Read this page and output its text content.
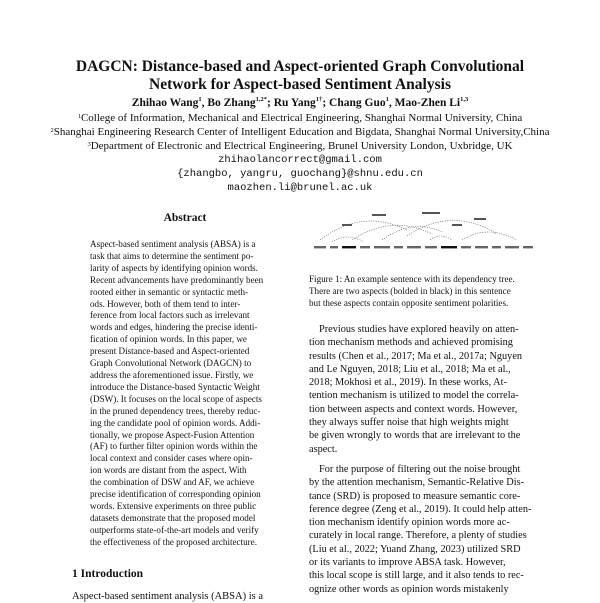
DAGCN: Distance-based and Aspect-oriented Graph Convolutional
Network for Aspect-based Sentiment Analysis
Zhihao Wang$^1$, Bo Zhang$^{1,2*}$; Ru Yang$^{1\dagger}$; Chang Guo$^1$, Mao-Zhen Li$^{1,3}$
$^1$College of Information, Mechanical and Electrical Engineering, Shanghai Normal University, China
$^2$Shanghai Engineering Research Center of Intelligent Education and Bigdata, Shanghai Normal University,China
$^3$Department of Electronic and Electrical Engineering, Brunel University London, Uxbridge, UK
zhihaolancorrect@gmail.com
{zhangbo, yangru, guochang}@shnu.edu.cn
maozhen.li@brunel.ac.uk
Abstract
Aspect-based sentiment analysis (ABSA) is a
task that aims to determine the sentiment po-
larity of aspects by identifying opinion words.
Recent advancements have predominantly been
rooted either in semantic or syntactic meth-
ods. However, both of them tend to inter-
ference from local factors such as irrelevant
words and edges, hindering the precise identi-
fication of opinion words. In this paper, we
present Distance-based and Aspect-oriented
Graph Convolutional Network (DAGCN) to
address the aforementioned issue. Firstly, we
introduce the Distance-based Syntactic Weight
(DSW). It focuses on the local scope of aspects
in the pruned dependency trees, thereby reduc-
ing the candidate pool of opinion words. Addi-
tionally, we propose Aspect-Fusion Attention
(AF) to further filter opinion words within the
local context and consider cases where opin-
ion words are distant from the aspect. With
the combination of DSW and AF, we achieve
precise identification of corresponding opinion
words. Extensive experiments on three public
datasets demonstrate that the proposed model
outperforms state-of-the-art models and verify
the effectiveness of the proposed architecture.
1 Introduction
Aspect-based sentiment analysis (ABSA) is a
Figure 1: An example sentence with its dependency tree.
There are two aspects (bolded in black) in this sentence
but these aspects contain opposite sentiment polarities.
Previous studies have explored heavily on atten-
tion mechanism methods and achieved promising
results (Chen et al., 2017; Ma et al., 2017a; Nguyen
and Le Nguyen, 2018; Liu et al., 2018; Ma et al.,
2018; Mokhosi et al., 2019). In these works, At-
tention mechanism is utilized to model the correla-
tion between aspects and context words. However,
they always suffer noise that high weights might
be given wrongly to words that are irrelevant to the
aspect.
For the purpose of filtering out the noise brought
by the attention mechanism, Semantic-Relative Dis-
tance (SRD) is proposed to measure semantic core-
ference degree (Zeng et al., 2019). It could help atten-
tion mechanism identify opinion words more ac-
curately in local range. Therefore, a plenty of studies
(Liu et al., 2022; Yuand Zhang, 2023) utilized SRD
or its variants to improve ABSA task. However,
this local scope is still large, and it also tends to rec-
ognize other words as opinion words mistakenly
